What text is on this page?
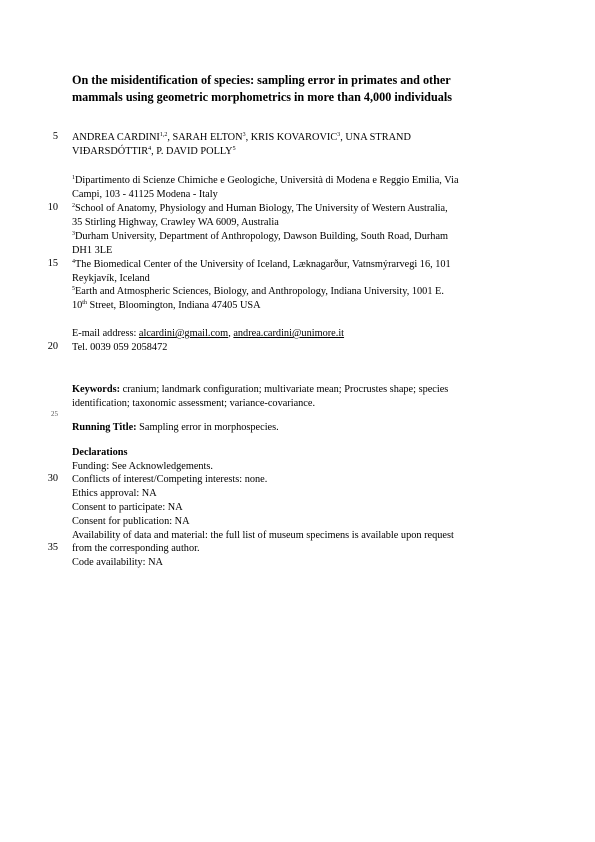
On the misidentification of species: sampling error in primates and other
mammals using geometric morphometrics in more than 4,000 individuals
5
10
15
20
25
30
35
ANDREA CARDINI$^{1,2}$, SARAH ELTON$^3$, KRIS KOVAROVIC$^3$, UNA STRAND
VIÐARSDÓTTIR$^4$, P. DAVID POLLY$^5$
$^1$Dipartimento di Scienze Chimiche e Geologiche, Università di Modena e Reggio Emilia, Via
Campi, 103 - 41125 Modena - Italy
$^2$School of Anatomy, Physiology and Human Biology, The University of Western Australia,
35 Stirling Highway, Crawley WA 6009, Australia
$^3$Durham University, Department of Anthropology, Dawson Building, South Road, Durham
DH1 3LE
$^4$The Biomedical Center of the University of Iceland, Læknagarður, Vatnsmýrarvegi 16, 101
Reykjavík, Iceland
$^5$Earth and Atmospheric Sciences, Biology, and Anthropology, Indiana University, 1001 E.
10th Street, Bloomington, Indiana 47405 USA
E-mail address: alcardini@gmail.com, andrea.cardini@unimore.it
Tel. 0039 059 2058472
Keywords: cranium; landmark configuration; multivariate mean; Procrustes shape; species
identification; taxonomic assessment; variance-covariance.
Running Title: Sampling error in morphospecies.
Declarations
Funding: See Acknowledgements.
Conflicts of interest/Competing interests: none.
Ethics approval: NA
Consent to participate: NA
Consent for publication: NA
Availability of data and material: the full list of museum specimens is available upon request
from the corresponding author.
Code availability: NA
